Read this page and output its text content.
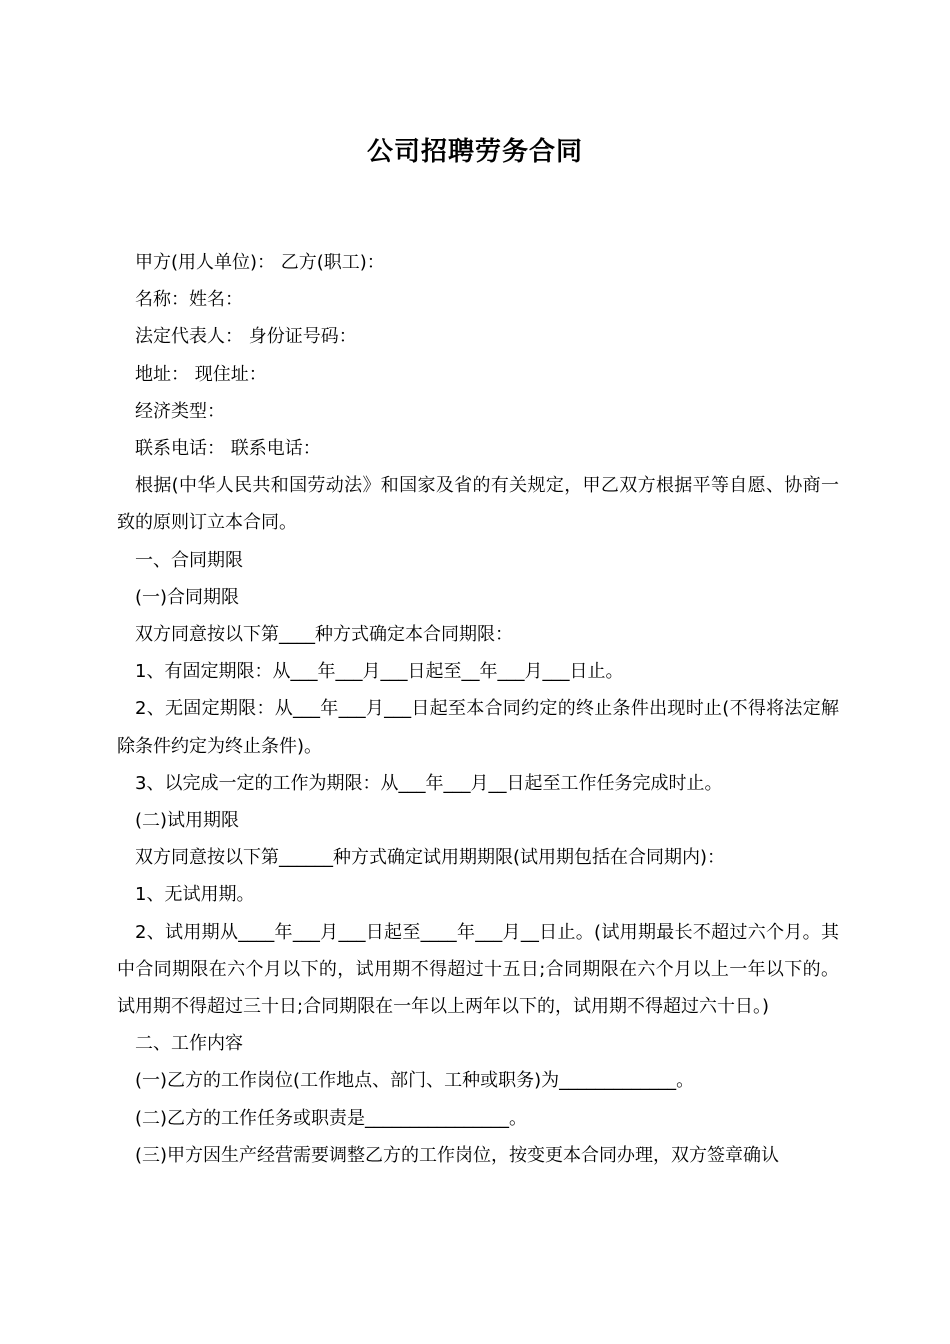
公司招聘劳务合同

甲方(用人单位)： 乙方(职工)：

名称：姓名：

法定代表人： 身份证号码：

地址： 现住址：

经济类型：

联系电话： 联系电话：

根据(中华人民共和国劳动法》和国家及省的有关规定，甲乙双方根据平等自愿、协商一致的原则订立本合同。

一、合同期限

(一)合同期限

双方同意按以下第____种方式确定本合同期限：

1、有固定期限：从___年___月___日起至__年___月___日止。

2、无固定期限：从___年___月___日起至本合同约定的终止条件出现时止(不得将法定解除条件约定为终止条件)。

3、以完成一定的工作为期限：从___年___月__日起至工作任务完成时止。

(二)试用期限

双方同意按以下第______种方式确定试用期期限(试用期包括在合同期内)：

1、无试用期。

2、试用期从____年___月___日起至____年___月__日止。(试用期最长不超过六个月。其中合同期限在六个月以下的，试用期不得超过十五日;合同期限在六个月以上一年以下的。试用期不得超过三十日;合同期限在一年以上两年以下的，试用期不得超过六十日。)

二、工作内容

(一)乙方的工作岗位(工作地点、部门、工种或职务)为_____________。

(二)乙方的工作任务或职责是________________。

(三)甲方因生产经营需要调整乙方的工作岗位，按变更本合同办理，双方签章确认
